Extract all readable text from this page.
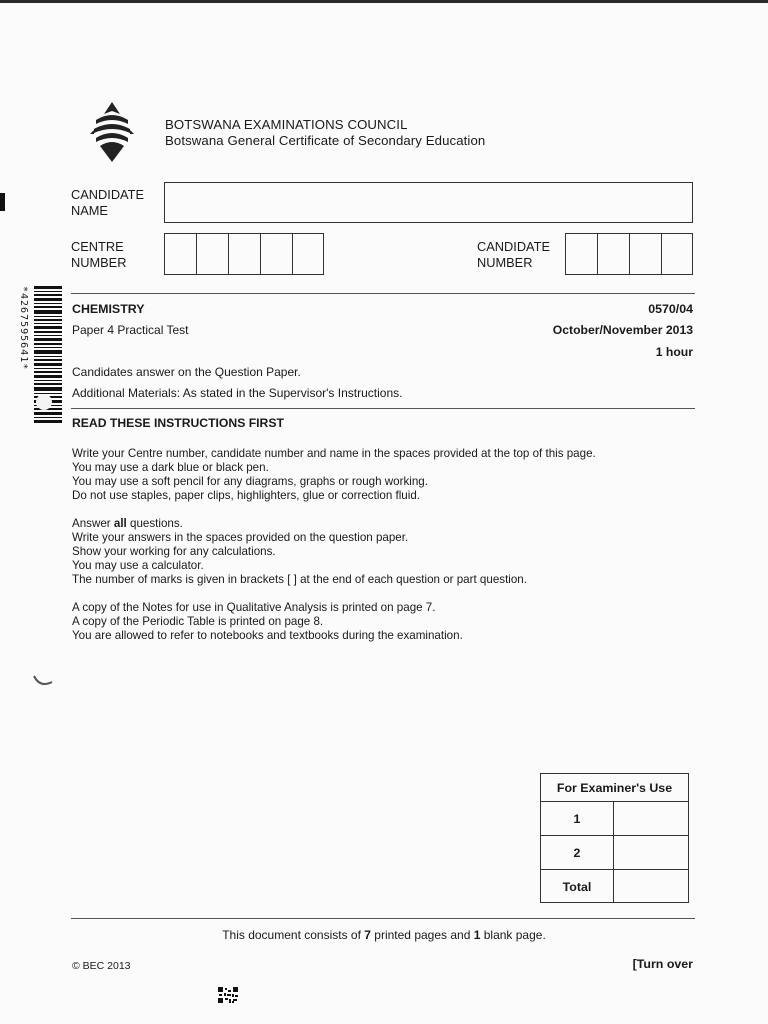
BOTSWANA EXAMINATIONS COUNCIL
Botswana General Certificate of Secondary Education
CANDIDATE
NAME
CENTRE
NUMBER
CANDIDATE
NUMBER
*4267595641*	CHEMISTRY	0570/04
Paper 4 Practical Test	October/November 2013
1 hour
Candidates answer on the Question Paper.
Additional Materials: As stated in the Supervisor's Instructions.
READ THESE INSTRUCTIONS FIRST
Write your Centre number, candidate number and name in the spaces provided at the top of this page.
You may use a dark blue or black pen.
You may use a soft pencil for any diagrams, graphs or rough working.
Do not use staples, paper clips, highlighters, glue or correction fluid.
Answer all questions.
Write your answers in the spaces provided on the question paper.
Show your working for any calculations.
You may use a calculator.
The number of marks is given in brackets [ ] at the end of each question or part question.
A copy of the Notes for use in Qualitative Analysis is printed on page 7.
A copy of the Periodic Table is printed on page 8.
You are allowed to refer to notebooks and textbooks during the examination.
For Examiner's Use
1
2
Total
This document consists of 7 printed pages and 1 blank page.
© BEC 2013	[Turn over
